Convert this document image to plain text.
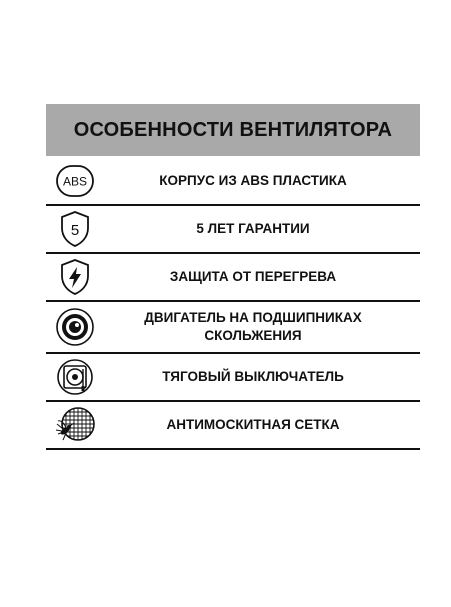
ОСОБЕННОСТИ ВЕНТИЛЯТОРА
ABS	КОРПУС ИЗ ABS ПЛАСТИКА
5	5 ЛЕТ ГАРАНТИИ
ЗАЩИТА ОТ ПЕРЕГРЕВА
ДВИГАТЕЛЬ НА ПОДШИПНИКАХ
СКОЛЬЖЕНИЯ
ТЯГОВЫЙ ВЫКЛЮЧАТЕЛЬ
АНТИМОСКИТНАЯ СЕТКА
